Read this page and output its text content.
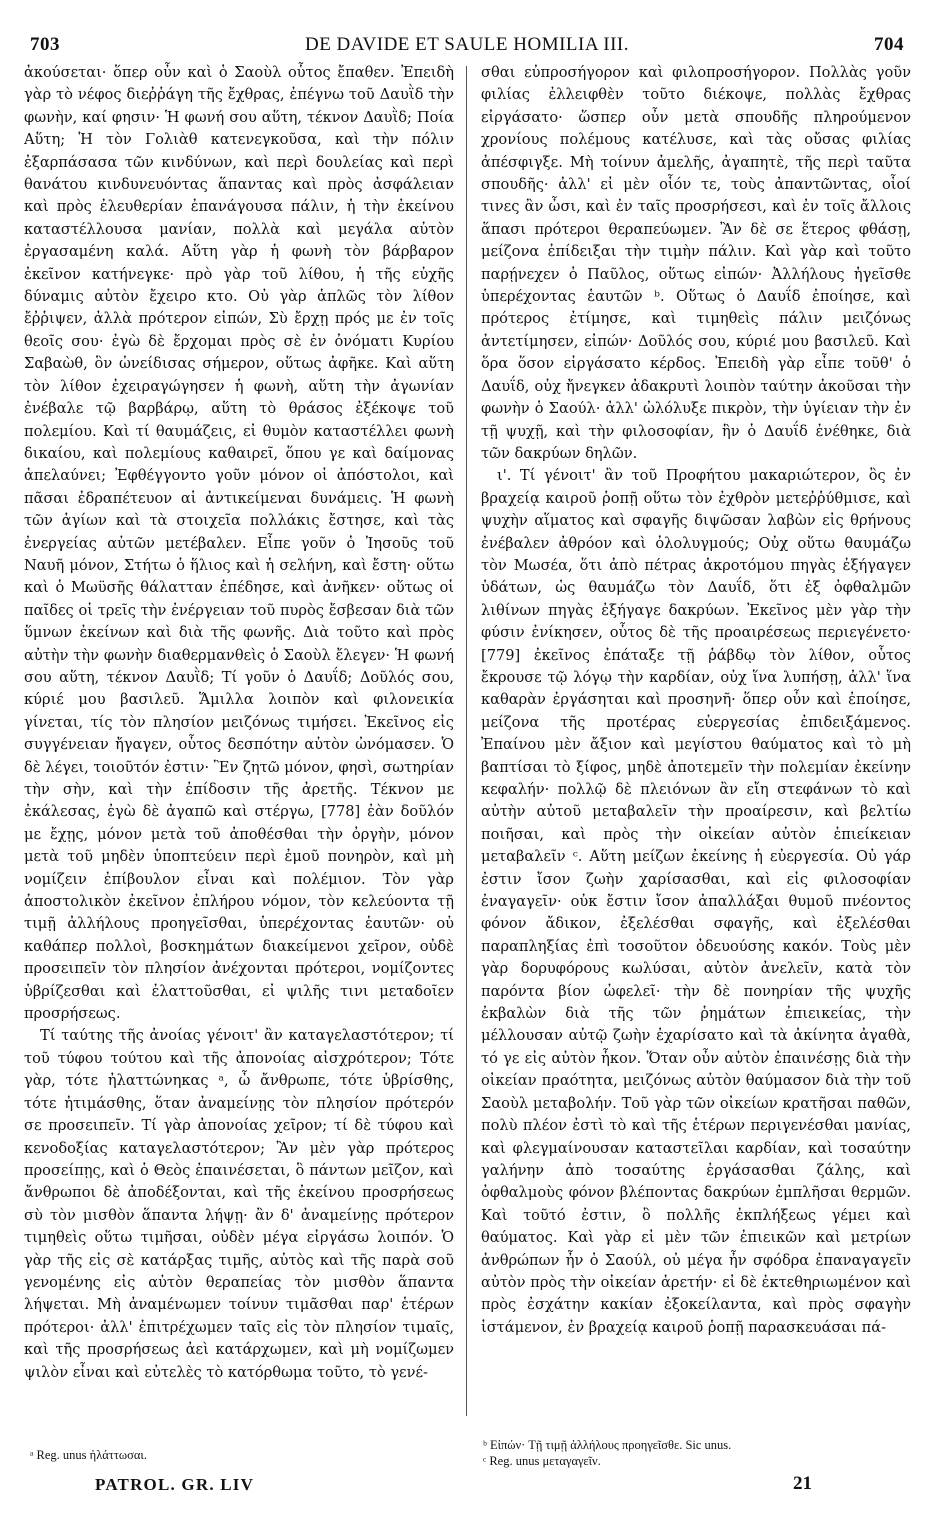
703	DE DAVIDE ET SAULE HOMILIA III.	704

ἀκούσεται· ὅπερ οὖν καὶ ὁ Σαοὺλ οὗτος ἔπαθεν. Ἐπειδὴ γὰρ τὸ νέφος διεῤῥάγη τῆς ἔχθρας, ἐπέγνω τοῦ Δαυῒδ τὴν φωνὴν, καί φησιν· Ἡ φωνή σου αὕτη, τέκνον Δαυῒδ; Ποία Αὕτη; Ἡ τὸν Γολιὰθ κατενεγκοῦσα, καὶ τὴν πόλιν ἐξαρπάσασα τῶν κινδύνων, καὶ περὶ δουλείας καὶ περὶ θανάτου κινδυνευόντας ἅπαντας καὶ πρὸς ἀσφάλειαν καὶ πρὸς ἐλευθερίαν ἐπανάγουσα πάλιν, ἡ τὴν ἐκείνου καταστέλλουσα μανίαν, πολλὰ καὶ μεγάλα αὐτὸν ἐργασαμένη καλά. Αὕτη γὰρ ἡ φωνὴ τὸν βάρβαρον ἐκεῖνον κατήνεγκε· πρὸ γὰρ τοῦ λίθου, ἡ τῆς εὐχῆς δύναμις αὐτὸν ἔχειρο κτο. Οὐ γὰρ ἁπλῶς τὸν λίθον ἔῤῥιψεν, ἀλλὰ πρότερον εἰπών, Σὺ ἔρχῃ πρός με ἐν τοῖς θεοῖς σου· ἐγὼ δὲ ἔρχομαι πρὸς σὲ ἐν ὀνόματι Κυρίου Σαβαὼθ, ὃν ὠνείδισας σήμερον, οὕτως ἀφῆκε. Καὶ αὕτη τὸν λίθον ἐχειραγώγησεν ἡ φωνὴ, αὕτη τὴν ἀγωνίαν ἐνέβαλε τῷ βαρβάρῳ, αὕτη τὸ θράσος ἐξέκοψε τοῦ πολεμίου. Καὶ τί θαυμάζεις, εἰ θυμὸν καταστέλλει φωνὴ δικαίου, καὶ πολεμίους καθαιρεῖ, ὅπου γε καὶ δαίμονας ἀπελαύνει; Ἐφθέγγοντο γοῦν μόνον οἱ ἀπόστολοι, καὶ πᾶσαι ἐδραπέτευον αἱ ἀντικείμεναι δυνάμεις. Ἡ φωνὴ τῶν ἁγίων καὶ τὰ στοιχεῖα πολλάκις ἔστησε, καὶ τὰς ἐνεργείας αὐτῶν μετέβαλεν. Εἶπε γοῦν ὁ Ἰησοῦς τοῦ Ναυῆ μόνον, Στήτω ὁ ἥλιος καὶ ἡ σελήνη, καὶ ἔστη· οὕτω καὶ ὁ Μωϋσῆς θάλατταν ἐπέδησε, καὶ ἀνῆκεν· οὕτως οἱ παῖδες οἱ τρεῖς τὴν ἐνέργειαν τοῦ πυρὸς ἔσβεσαν διὰ τῶν ὕμνων ἐκείνων καὶ διὰ τῆς φωνῆς. Διὰ τοῦτο καὶ πρὸς αὐτὴν τὴν φωνὴν διαθερμανθεὶς ὁ Σαοὺλ ἔλεγεν· Ἡ φωνή σου αὕτη, τέκνον Δαυῒδ; Τί γοῦν ὁ Δαυΐδ; Δοῦλός σου, κύριέ μου βασιλεῦ. Ἅμιλλα λοιπὸν καὶ φιλονεικία γίνεται, τίς τὸν πλησίον μειζόνως τιμήσει. Ἐκεῖνος εἰς συγγένειαν ἤγαγεν, οὗτος δεσπότην αὐτὸν ὠνόμασεν. Ὁ δὲ λέγει, τοιοῦτόν ἐστιν· Ἓν ζητῶ μόνον, φησὶ, σωτηρίαν τὴν σὴν, καὶ τὴν ἐπίδοσιν τῆς ἀρετῆς. Τέκνον με ἐκάλεσας, ἐγὼ δὲ ἀγαπῶ καὶ στέργω, [778] ἐὰν δοῦλόν με ἔχῃς, μόνον μετὰ τοῦ ἀποθέσθαι τὴν ὀργὴν, μόνον μετὰ τοῦ μηδὲν ὑποπτεύειν περὶ ἐμοῦ πονηρὸν, καὶ μὴ νομίζειν ἐπίβουλον εἶναι καὶ πολέμιον. Τὸν γὰρ ἀποστολικὸν ἐκεῖνον ἐπλήρου νόμον, τὸν κελεύοντα τῇ τιμῇ ἀλλήλους προηγεῖσθαι, ὑπερέχοντας ἑαυτῶν· οὐ καθάπερ πολλοὶ, βοσκημάτων διακείμενοι χεῖρον, οὐδὲ προσειπεῖν τὸν πλησίον ἀνέχονται πρότεροι, νομίζοντες ὑβρίζεσθαι καὶ ἐλαττοῦσθαι, εἰ ψιλῆς τινι μεταδοῖεν προσρήσεως.

Τί ταύτης τῆς ἀνοίας γένοιτ' ἂν καταγελαστότερον; τί τοῦ τύφου τούτου καὶ τῆς ἀπονοίας αἰσχρότερον; Τότε γὰρ, τότε ἠλαττώνηκας ᵃ, ὦ ἄνθρωπε, τότε ὑβρίσθης, τότε ἠτιμάσθης, ὅταν ἀναμείνῃς τὸν πλησίον πρότερόν σε προσειπεῖν. Τί γὰρ ἀπονοίας χεῖρον; τί δὲ τύφου καὶ κενοδοξίας καταγελαστότερον; Ἂν μὲν γὰρ πρότερος προσείπῃς, καὶ ὁ Θεὸς ἐπαινέσεται, ὃ πάντων μεῖζον, καὶ ἄνθρωποι δὲ ἀποδέξονται, καὶ τῆς ἐκείνου προσρήσεως σὺ τὸν μισθὸν ἅπαντα λήψῃ· ἂν δ' ἀναμείνῃς πρότερον τιμηθεὶς οὕτω τιμῆσαι, οὐδὲν μέγα εἰργάσω λοιπόν. Ὁ γὰρ τῆς εἰς σὲ κατάρξας τιμῆς, αὐτὸς καὶ τῆς παρὰ σοῦ γενομένης εἰς αὐτὸν θεραπείας τὸν μισθὸν ἅπαντα λήψεται. Μὴ ἀναμένωμεν τοίνυν τιμᾶσθαι παρ' ἑτέρων πρότεροι· ἀλλ' ἐπιτρέχωμεν ταῖς εἰς τὸν πλησίον τιμαῖς, καὶ τῆς προσρήσεως ἀεὶ κατάρχωμεν, καὶ μὴ νομίζωμεν ψιλὸν εἶναι καὶ εὐτελὲς τὸ κατόρθωμα τοῦτο, τὸ γενέ-

σθαι εὐπροσήγορον καὶ φιλοπροσήγορον. Πολλὰς γοῦν φιλίας ἐλλειφθὲν τοῦτο διέκοψε, πολλὰς ἔχθρας εἰργάσατο· ὥσπερ οὖν μετὰ σπουδῆς πληρούμενον χρονίους πολέμους κατέλυσε, καὶ τὰς οὔσας φιλίας ἀπέσφιγξε. Μὴ τοίνυν ἀμελῆς, ἀγαπητὲ, τῆς περὶ ταῦτα σπουδῆς· ἀλλ' εἰ μὲν οἷόν τε, τοὺς ἀπαντῶντας, οἷοί τινες ἂν ὦσι, καὶ ἐν ταῖς προσρήσεσι, καὶ ἐν τοῖς ἄλλοις ἅπασι πρότεροι θεραπεύωμεν. Ἂν δὲ σε ἕτερος φθάσῃ, μείζονα ἐπίδειξαι τὴν τιμὴν πάλιν. Καὶ γὰρ καὶ τοῦτο παρῄνεχεν ὁ Παῦλος, οὕτως εἰπών· Ἀλλήλους ἡγεῖσθε ὑπερέχοντας ἑαυτῶν ᵇ. Οὕτως ὁ Δαυΐδ ἐποίησε, καὶ πρότερος ἐτίμησε, καὶ τιμηθεὶς πάλιν μειζόνως ἀντετίμησεν, εἰπών· Δοῦλός σου, κύριέ μου βασιλεῦ. Καὶ ὅρα ὅσον εἰργάσατο κέρδος. Ἐπειδὴ γὰρ εἶπε τοῦθ' ὁ Δαυΐδ, οὐχ ἤνεγκεν ἀδακρυτὶ λοιπὸν ταύτην ἀκοῦσαι τὴν φωνὴν ὁ Σαούλ· ἀλλ' ὠλόλυξε πικρὸν, τὴν ὑγίειαν τὴν ἐν τῇ ψυχῇ, καὶ τὴν φιλοσοφίαν, ἣν ὁ Δαυΐδ ἐνέθηκε, διὰ τῶν δακρύων δηλῶν.

ι'. Τί γένοιτ' ἂν τοῦ Προφήτου μακαριώτερον, ὃς ἐν βραχείᾳ καιροῦ ῥοπῇ οὕτω τὸν ἐχθρὸν μετεῤῥύθμισε, καὶ ψυχὴν αἵματος καὶ σφαγῆς διψῶσαν λαβὼν εἰς θρήνους ἐνέβαλεν ἀθρόον καὶ ὀλολυγμούς; Οὐχ οὕτω θαυμάζω τὸν Μωσέα, ὅτι ἀπὸ πέτρας ἀκροτόμου πηγὰς ἐξήγαγεν ὑδάτων, ὡς θαυμάζω τὸν Δαυΐδ, ὅτι ἐξ ὀφθαλμῶν λιθίνων πηγὰς ἐξήγαγε δακρύων. Ἐκεῖνος μὲν γὰρ τὴν φύσιν ἐνίκησεν, οὗτος δὲ τῆς προαιρέσεως περιεγένετο· [779] ἐκεῖνος ἐπάταξε τῇ ῥάβδῳ τὸν λίθον, οὗτος ἔκρουσε τῷ λόγῳ τὴν καρδίαν, οὐχ ἵνα λυπήσῃ, ἀλλ' ἵνα καθαρὰν ἐργάσηται καὶ προσηνῆ· ὅπερ οὖν καὶ ἐποίησε, μείζονα τῆς προτέρας εὐεργεσίας ἐπιδειξάμενος. Ἐπαίνου μὲν ἄξιον καὶ μεγίστου θαύματος καὶ τὸ μὴ βαπτίσαι τὸ ξίφος, μηδὲ ἀποτεμεῖν τὴν πολεμίαν ἐκείνην κεφαλήν· πολλῷ δὲ πλειόνων ἂν εἴη στεφάνων τὸ καὶ αὐτὴν αὐτοῦ μεταβαλεῖν τὴν προαίρεσιν, καὶ βελτίω ποιῆσαι, καὶ πρὸς τὴν οἰκείαν αὐτὸν ἐπιείκειαν μεταβαλεῖν ᶜ. Αὕτη μείζων ἐκείνης ἡ εὐεργεσία. Οὐ γάρ ἐστιν ἴσον ζωὴν χαρίσασθαι, καὶ εἰς φιλοσοφίαν ἐναγαγεῖν· οὐκ ἔστιν ἴσον ἀπαλλάξαι θυμοῦ πνέοντος φόνον ἄδικον, ἐξελέσθαι σφαγῆς, καὶ ἐξελέσθαι παραπληξίας ἐπὶ τοσοῦτον ὀδευούσης κακόν. Τοὺς μὲν γὰρ δορυφόρους κωλύσαι, αὐτὸν ἀνελεῖν, κατὰ τὸν παρόντα βίον ὠφελεῖ· τὴν δὲ πονηρίαν τῆς ψυχῆς ἐκβαλὼν διὰ τῆς τῶν ῥημάτων ἐπιεικείας, τὴν μέλλουσαν αὐτῷ ζωὴν ἐχαρίσατο καὶ τὰ ἀκίνητα ἀγαθὰ, τό γε εἰς αὐτὸν ἧκον. Ὅταν οὖν αὐτὸν ἐπαινέσῃς διὰ τὴν οἰκείαν πραότητα, μειζόνως αὐτὸν θαύμασον διὰ τὴν τοῦ Σαοὺλ μεταβολήν. Τοῦ γὰρ τῶν οἰκείων κρατῆσαι παθῶν, πολὺ πλέον ἐστὶ τὸ καὶ τῆς ἑτέρων περιγενέσθαι μανίας, καὶ φλεγμαίνουσαν καταστεῖλαι καρδίαν, καὶ τοσαύτην γαλήνην ἀπὸ τοσαύτης ἐργάσασθαι ζάλης, καὶ ὀφθαλμοὺς φόνον βλέποντας δακρύων ἐμπλῆσαι θερμῶν. Καὶ τοῦτό ἐστιν, ὃ πολλῆς ἐκπλήξεως γέμει καὶ θαύματος. Καὶ γὰρ εἰ μὲν τῶν ἐπιεικῶν καὶ μετρίων ἀνθρώπων ἦν ὁ Σαούλ, οὐ μέγα ἦν σφόδρα ἐπαναγαγεῖν αὐτὸν πρὸς τὴν οἰκείαν ἀρετήν· εἰ δὲ ἐκτεθηριωμένον καὶ πρὸς ἐσχάτην κακίαν ἐξοκείλαντα, καὶ πρὸς σφαγὴν ἱστάμενον, ἐν βραχείᾳ καιροῦ ῥοπῇ παρασκευάσαι πά-

ᵃ Reg. unus ἠλάττωσαι.
ᵇ Εἰπών· Τῇ τιμῇ ἀλλήλους προηγεῖσθε. Sic unus.
ᶜ Reg. unus μεταγαγεῖν.
PATROL. GR. LIV	21
